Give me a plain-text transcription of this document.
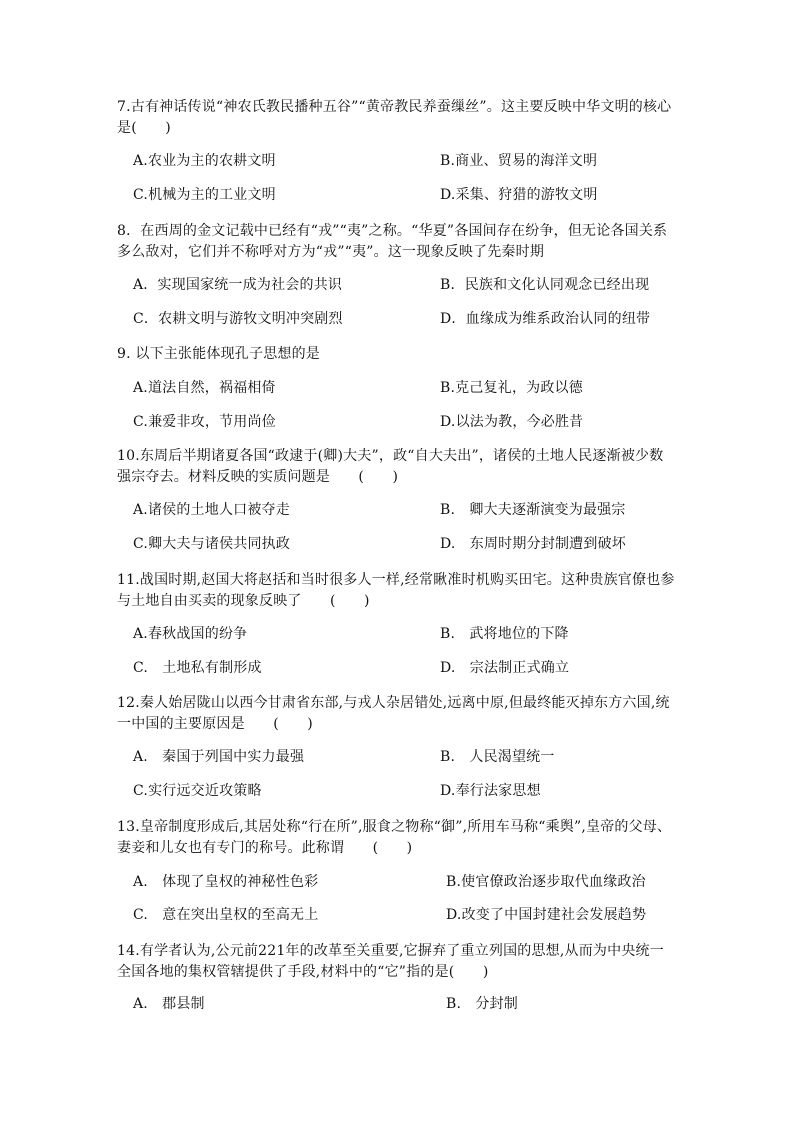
7.古有神话传说“神农氏教民播种五谷”“黄帝教民养蚕缫丝”。这主要反映中华文明的核心是(　　)
A.农业为主的农耕文明	B.商业、贸易的海洋文明
C.机械为主的工业文明	D.采集、狩猎的游牧文明
8．在西周的金文记载中已经有“戎”“夷”之称。“华夏”各国间存在纷争，但无论各国关系多么敌对，它们并不称呼对方为“戎”“夷”。这一现象反映了先秦时期
A．实现国家统一成为社会的共识	B．民族和文化认同观念已经出现
C．农耕文明与游牧文明冲突剧烈	D．血缘成为维系政治认同的纽带
9. 以下主张能体现孔子思想的是
A.道法自然，祸福相倚	B.克己复礼，为政以德
C.兼爱非攻，节用尚俭	D.以法为教，今必胜昔
10.东周后半期诸夏各国“政逮于(卿)大夫”，政“自大夫出”，诸侯的土地人民逐渐被少数强宗夺去。材料反映的实质问题是　　(　　)
A.诸侯的土地人口被夺走	B.　卿大夫逐渐演变为最强宗
C.卿大夫与诸侯共同执政	D.　东周时期分封制遭到破坏
11.战国时期,赵国大将赵括和当时很多人一样,经常瞅准时机购买田宅。这种贵族官僚也参与土地自由买卖的现象反映了　　(　　)
A.春秋战国的纷争	B.　武将地位的下降
C.　土地私有制形成	D.　宗法制正式确立
12.秦人始居陇山以西今甘肃省东部,与戎人杂居错处,远离中原,但最终能灭掉东方六国,统一中国的主要原因是　　(　　)
A.　秦国于列国中实力最强	B.　人民渴望统一
C.实行远交近攻策略	D.奉行法家思想
13.皇帝制度形成后,其居处称“行在所”,服食之物称“御”,所用车马称“乘舆”,皇帝的父母、妻妾和儿女也有专门的称号。此称谓　　(　　)
A.　体现了皇权的神秘性色彩	B.使官僚政治逐步取代血缘政治
C.　意在突出皇权的至高无上	D.改变了中国封建社会发展趋势
14.有学者认为,公元前221年的改革至关重要,它摒弃了重立列国的思想,从而为中央统一全国各地的集权管辖提供了手段,材料中的“它”指的是(　　)
A.　郡县制	B.　分封制
